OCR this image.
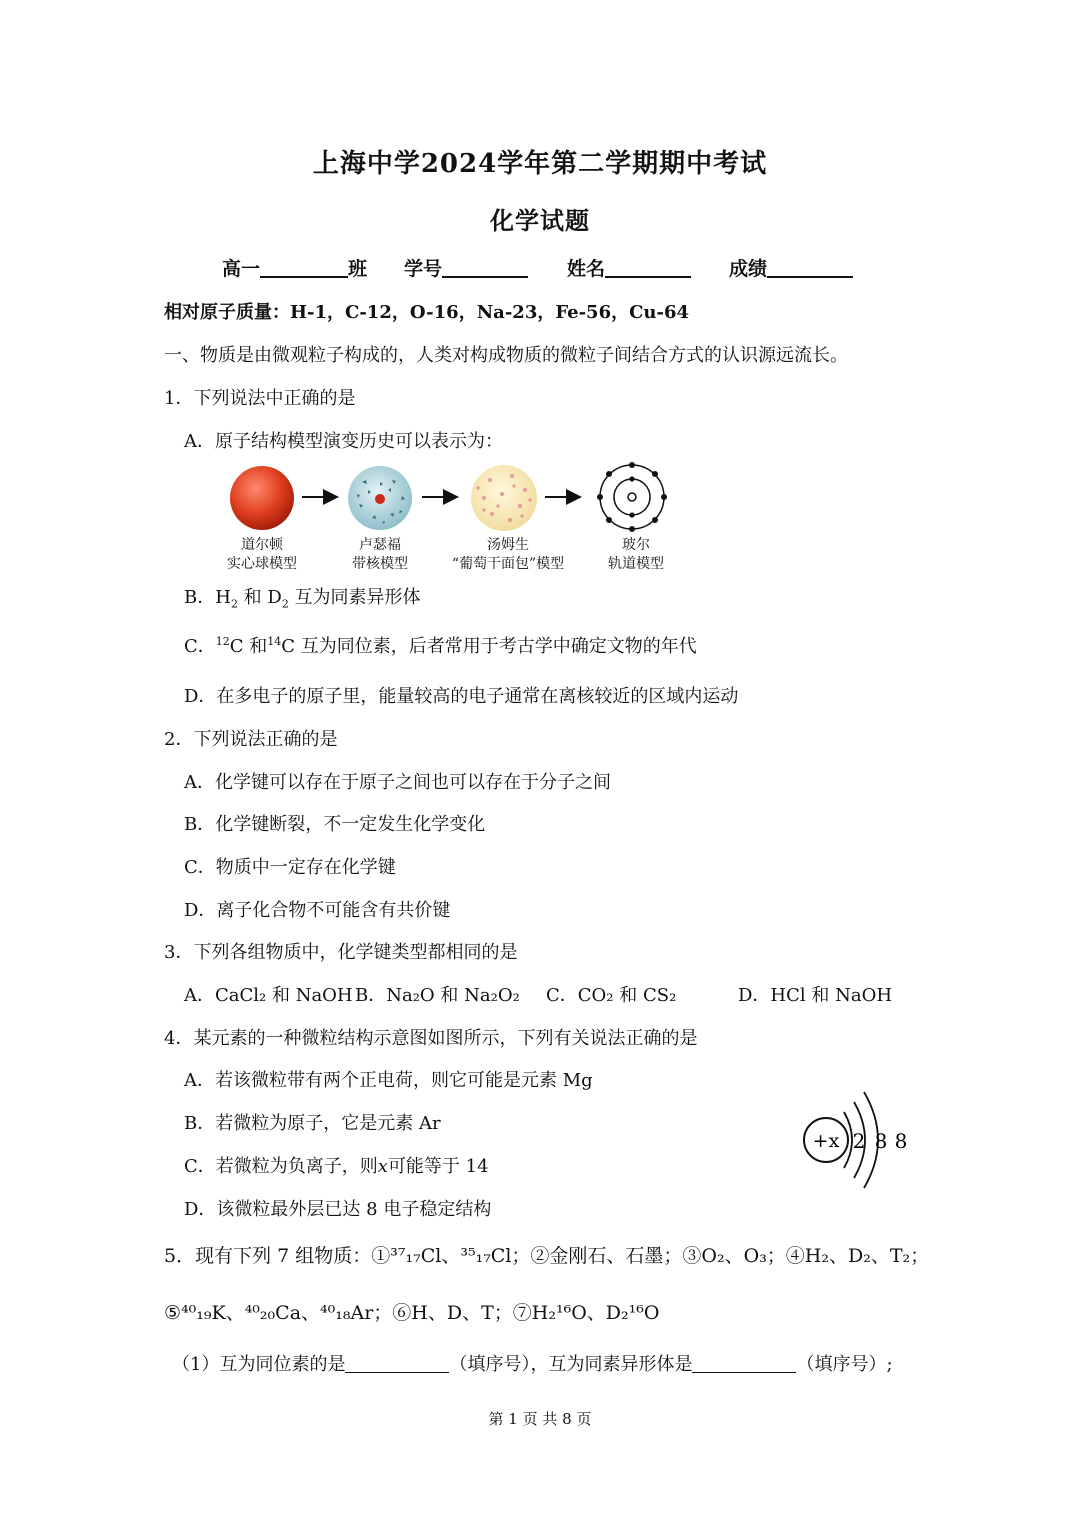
上海中学2024学年第二学期期中考试
化学试题
高一	班 学号	姓名	成绩
相对原子质量：H-1，C-12，O-16，Na-23，Fe-56，Cu-64
一、物质是由微观粒子构成的，人类对构成物质的微粒子间结合方式的认识源远流长。
1．下列说法中正确的是
A．原子结构模型演变历史可以表示为：
道尔顿
实心球模型
卢瑟福
带核模型
汤姆生
“葡萄干面包”模型
玻尔
轨道模型
B．$H_2$ 和 $D_2$ 互为同素异形体
C．$^{12}$C 和$^{14}$C 互为同位素，后者常用于考古学中确定文物的年代
D．在多电子的原子里，能量较高的电子通常在离核较近的区域内运动
2．下列说法正确的是
A．化学键可以存在于原子之间也可以存在于分子之间
B．化学键断裂，不一定发生化学变化
C．物质中一定存在化学键
D．离子化合物不可能含有共价键
3．下列各组物质中，化学键类型都相同的是
A．CaCl₂ 和 NaOH B．Na₂O 和 Na₂O₂ C．CO₂ 和 CS₂	D．HCl 和 NaOH
4．某元素的一种微粒结构示意图如图所示，下列有关说法正确的是
A．若该微粒带有两个正电荷，则它可能是元素 Mg
B．若微粒为原子，它是元素 Ar
C．若微粒为负离子，则x可能等于 14
D．该微粒最外层已达 8 电子稳定结构
+x 2 8 8
5．现有下列 7 组物质：①³⁷₁₇Cl、³⁵₁₇Cl；②金刚石、石墨；③O₂、O₃；④H₂、D₂、T₂；
⑤⁴⁰₁₉K、⁴⁰₂₀Ca、⁴⁰₁₈Ar；⑥H、D、T；⑦H₂¹⁶O、D₂¹⁶O
（1）互为同位素的是	（填序号），互为同素异形体是	（填序号）;
第 1 页 共 8 页
